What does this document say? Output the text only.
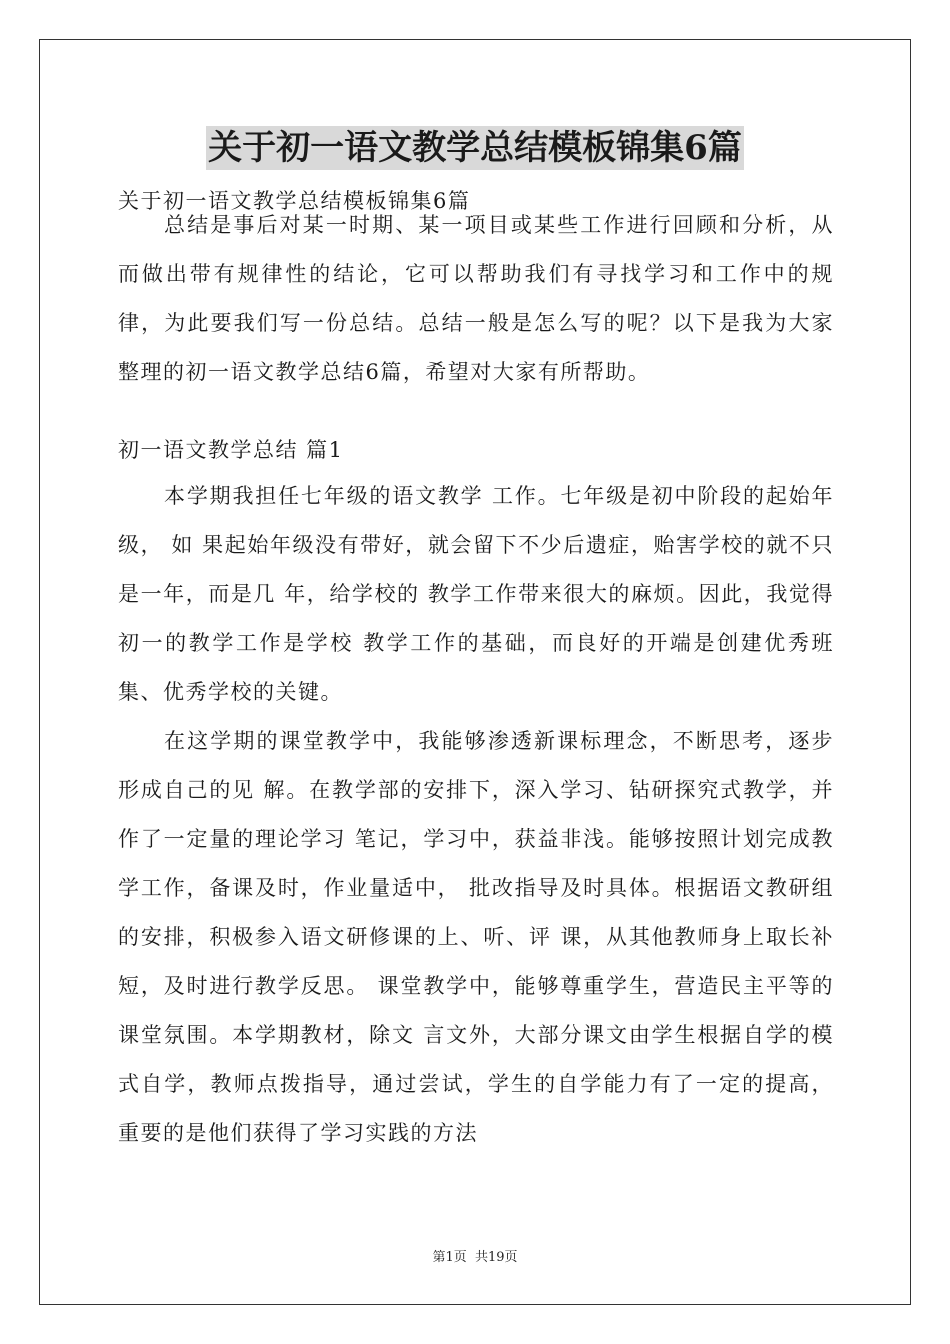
关于初一语文教学总结模板锦集6篇
关于初一语文教学总结模板锦集6篇

总结是事后对某一时期、某一项目或某些工作进行回顾和分析，从而做出带有规律性的结论，它可以帮助我们有寻找学习和工作中的规律，为此要我们写一份总结。总结一般是怎么写的呢？以下是我为大家整理的初一语文教学总结6篇，希望对大家有所帮助。

初一语文教学总结 篇1

本学期我担任七年级的语文教学 工作。七年级是初中阶段的起始年级， 如 果起始年级没有带好，就会留下不少后遗症，贻害学校的就不只是一年，而是几 年，给学校的 教学工作带来很大的麻烦。因此，我觉得初一的教学工作是学校 教学工作的基础，而良好的开端是创建优秀班集、优秀学校的关键。

在这学期的课堂教学中，我能够渗透新课标理念，不断思考，逐步形成自己的见 解。在教学部的安排下，深入学习、钻研探究式教学，并作了一定量的理论学习 笔记，学习中，获益非浅。能够按照计划完成教学工作，备课及时，作业量适中， 批改指导及时具体。根据语文教研组的安排，积极参入语文研修课的上、听、评 课，从其他教师身上取长补短，及时进行教学反思。 课堂教学中，能够尊重学生，营造民主平等的课堂氛围。本学期教材，除文 言文外，大部分课文由学生根据自学的模式自学，教师点拨指导，通过尝试，学生的自学能力有了一定的提高，重要的是他们获得了学习实践的方法

第1页 共19页
